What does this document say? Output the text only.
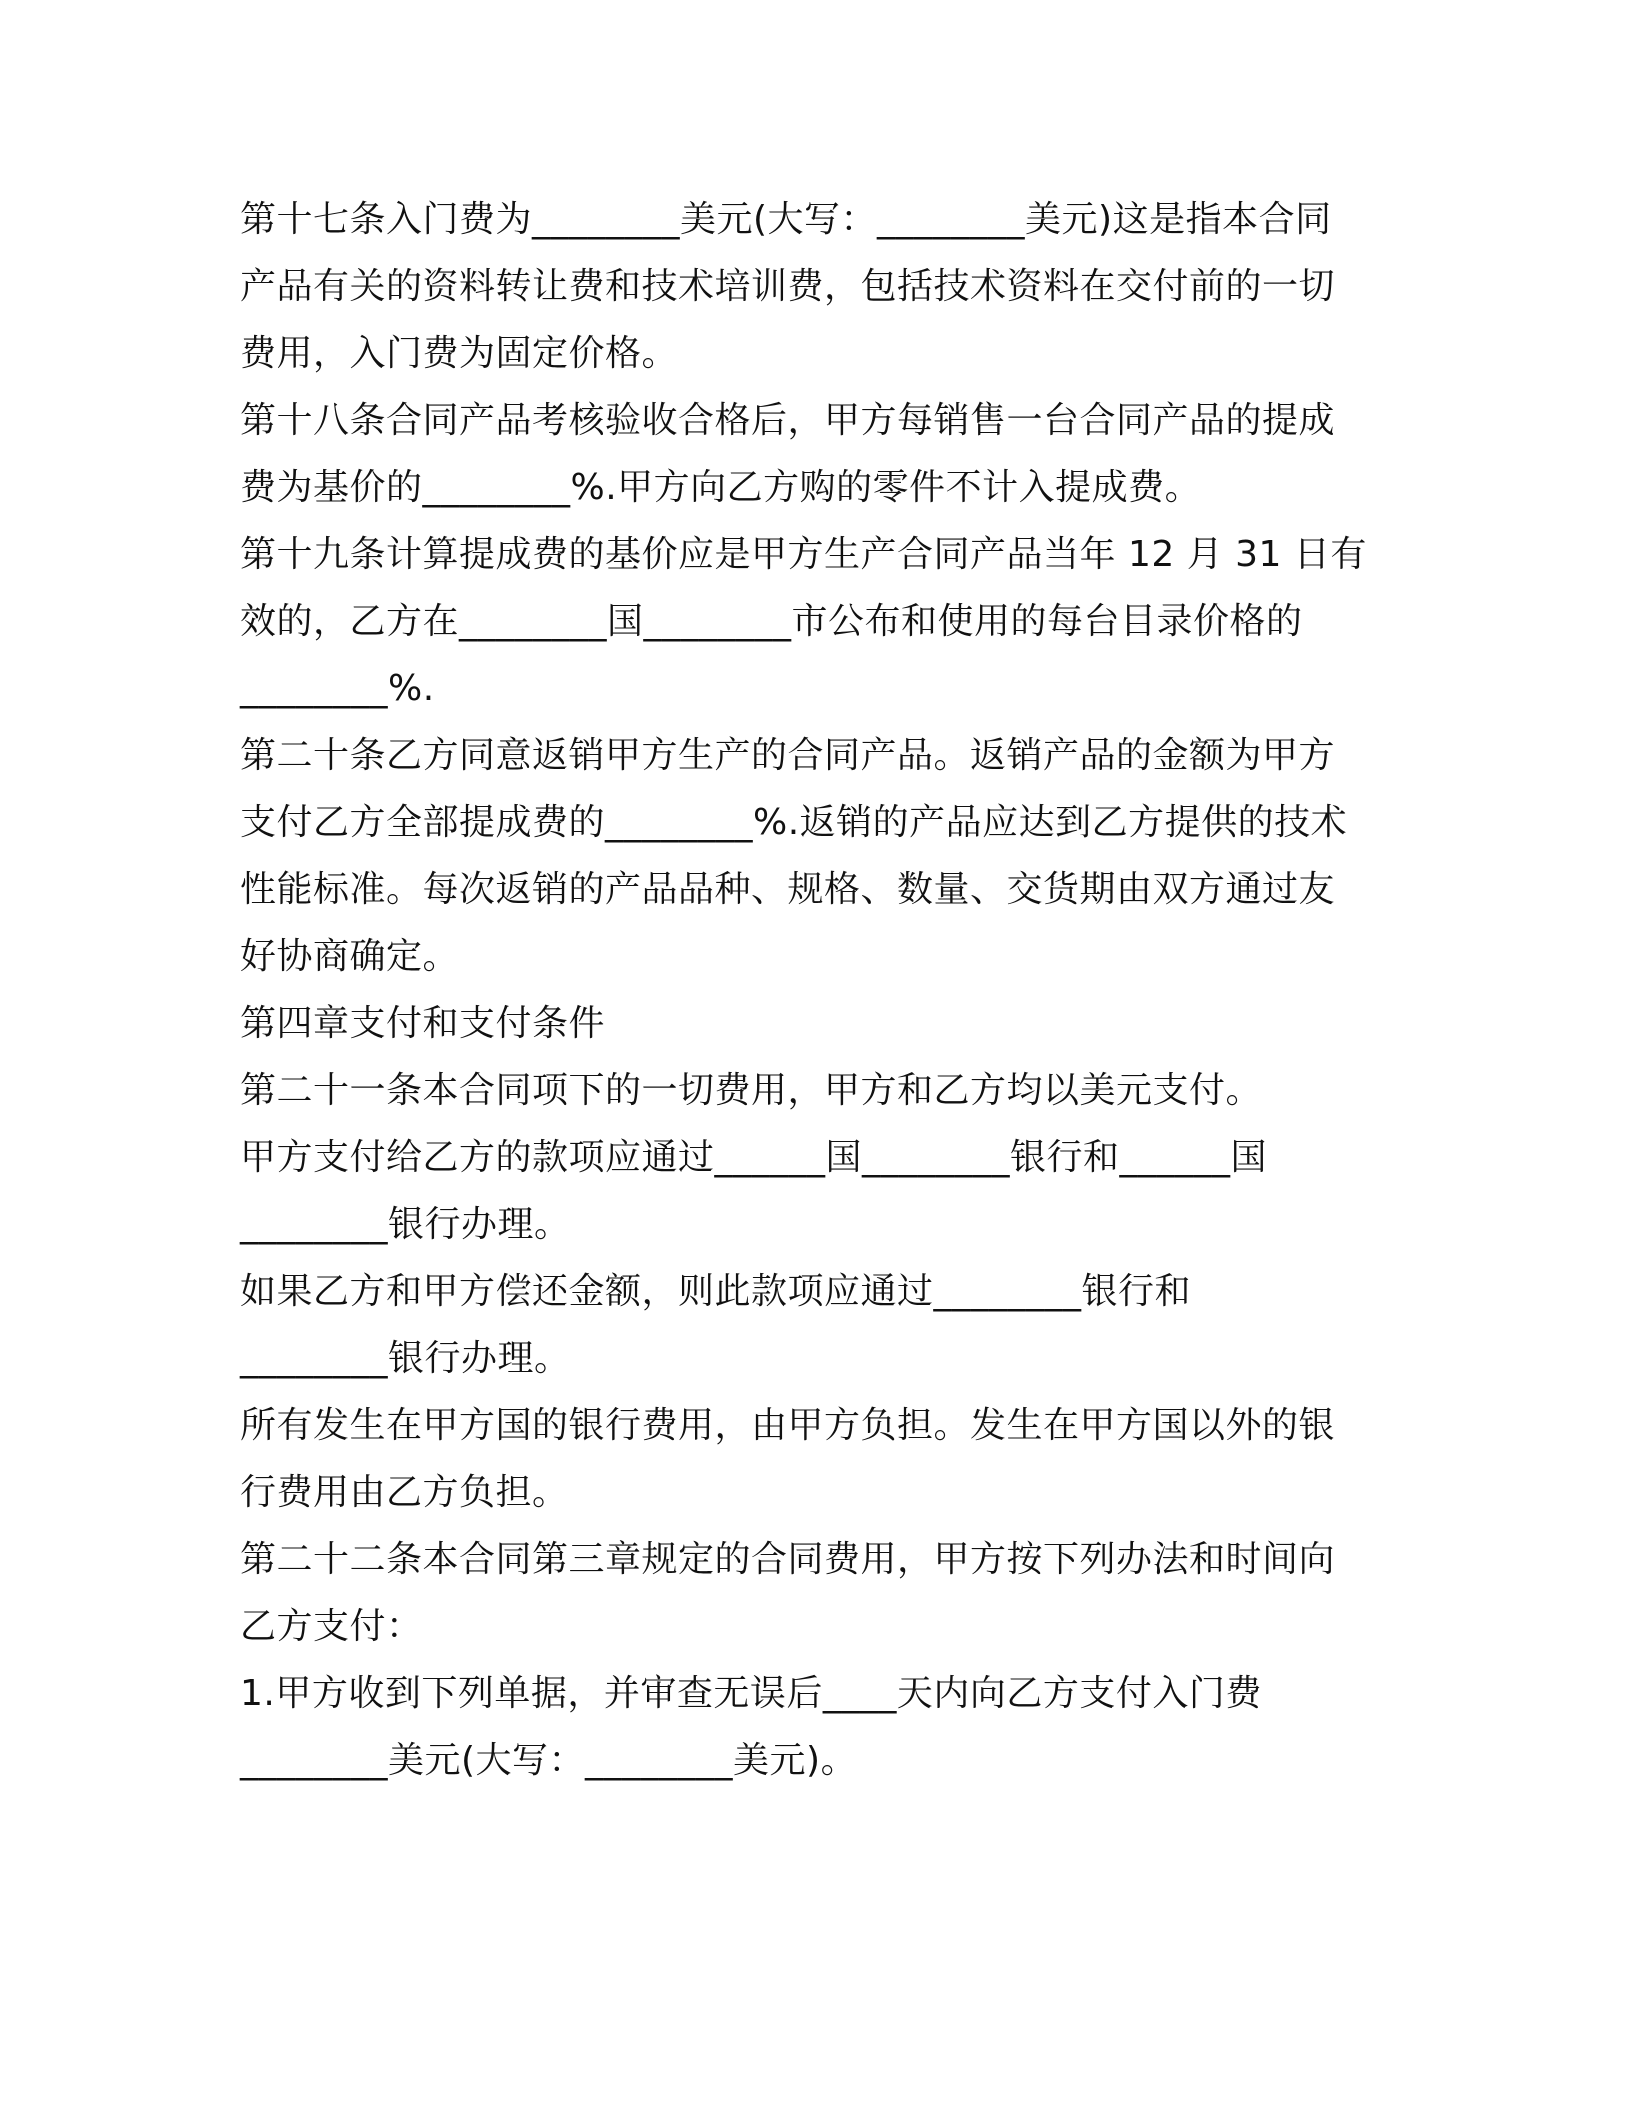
第十七条入门费为________美元(大写：________美元)这是指本合同
产品有关的资料转让费和技术培训费，包括技术资料在交付前的一切
费用，入门费为固定价格。
第十八条合同产品考核验收合格后，甲方每销售一台合同产品的提成
费为基价的________%.甲方向乙方购的零件不计入提成费。
第十九条计算提成费的基价应是甲方生产合同产品当年 12 月 31 日有
效的，乙方在________国________市公布和使用的每台目录价格的
________%.
第二十条乙方同意返销甲方生产的合同产品。返销产品的金额为甲方
支付乙方全部提成费的________%.返销的产品应达到乙方提供的技术
性能标准。每次返销的产品品种、规格、数量、交货期由双方通过友
好协商确定。
第四章支付和支付条件
第二十一条本合同项下的一切费用，甲方和乙方均以美元支付。
甲方支付给乙方的款项应通过______国________银行和______国
________银行办理。
如果乙方和甲方偿还金额，则此款项应通过________银行和
________银行办理。
所有发生在甲方国的银行费用，由甲方负担。发生在甲方国以外的银
行费用由乙方负担。
第二十二条本合同第三章规定的合同费用，甲方按下列办法和时间向
乙方支付：
1.甲方收到下列单据，并审查无误后____天内向乙方支付入门费
________美元(大写：________美元)。
